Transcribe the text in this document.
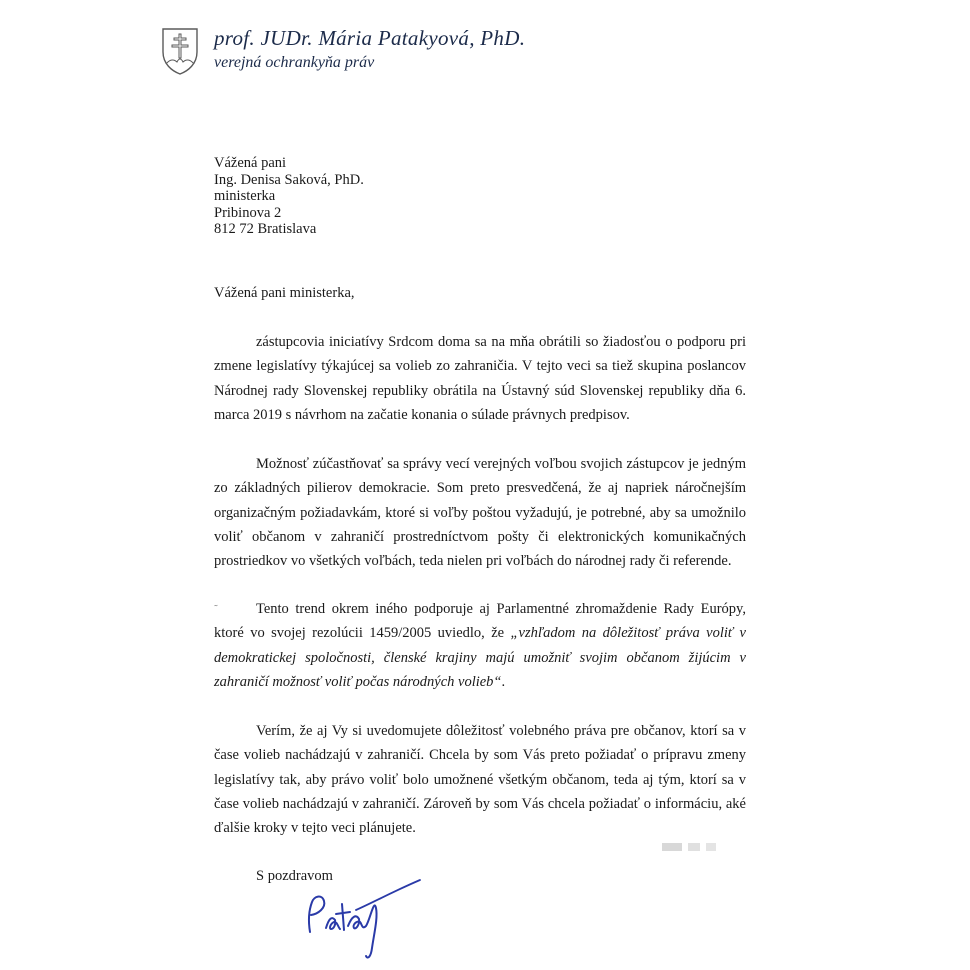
prof. JUDr. Mária Patakyová, PhD.
verejná ochrankyňa práv
Vážená pani
Ing. Denisa Saková, PhD.
ministerka
Pribinova 2
812 72 Bratislava
Vážená pani ministerka,

zástupcovia iniciatívy Srdcom doma sa na mňa obrátili so žiadosťou o podporu pri zmene legislatívy týkajúcej sa volieb zo zahraničia. V tejto veci sa tiež skupina poslancov Národnej rady Slovenskej republiky obrátila na Ústavný súd Slovenskej republiky dňa 6. marca 2019 s návrhom na začatie konania o súlade právnych predpisov.

Možnosť zúčastňovať sa správy vecí verejných voľbou svojich zástupcov je jedným zo základných pilierov demokracie. Som preto presvedčená, že aj napriek náročnejším organizačným požiadavkám, ktoré si voľby poštou vyžadujú, je potrebné, aby sa umožnilo voliť občanom v zahraničí prostredníctvom pošty či elektronických komunikačných prostriedkov vo všetkých voľbách, teda nielen pri voľbách do národnej rady či referende.

˜	Tento trend okrem iného podporuje aj Parlamentné zhromaždenie Rady Európy, ktoré vo svojej rezolúcii 1459/2005 uviedlo, že „vzhľadom na dôležitosť práva voliť v demokratickej spoločnosti, členské krajiny majú umožniť svojim občanom žijúcim v zahraničí možnosť voliť počas národných volieb“.

Verím, že aj Vy si uvedomujete dôležitosť volebného práva pre občanov, ktorí sa v čase volieb nachádzajú v zahraničí. Chcela by som Vás preto požiadať o prípravu zmeny legislatívy tak, aby právo voliť bolo umožnené všetkým občanom, teda aj tým, ktorí sa v čase volieb nachádzajú v zahraničí. Zároveň by som Vás chcela požiadať o informáciu, aké ďalšie kroky v tejto veci plánujete.

S pozdravom
